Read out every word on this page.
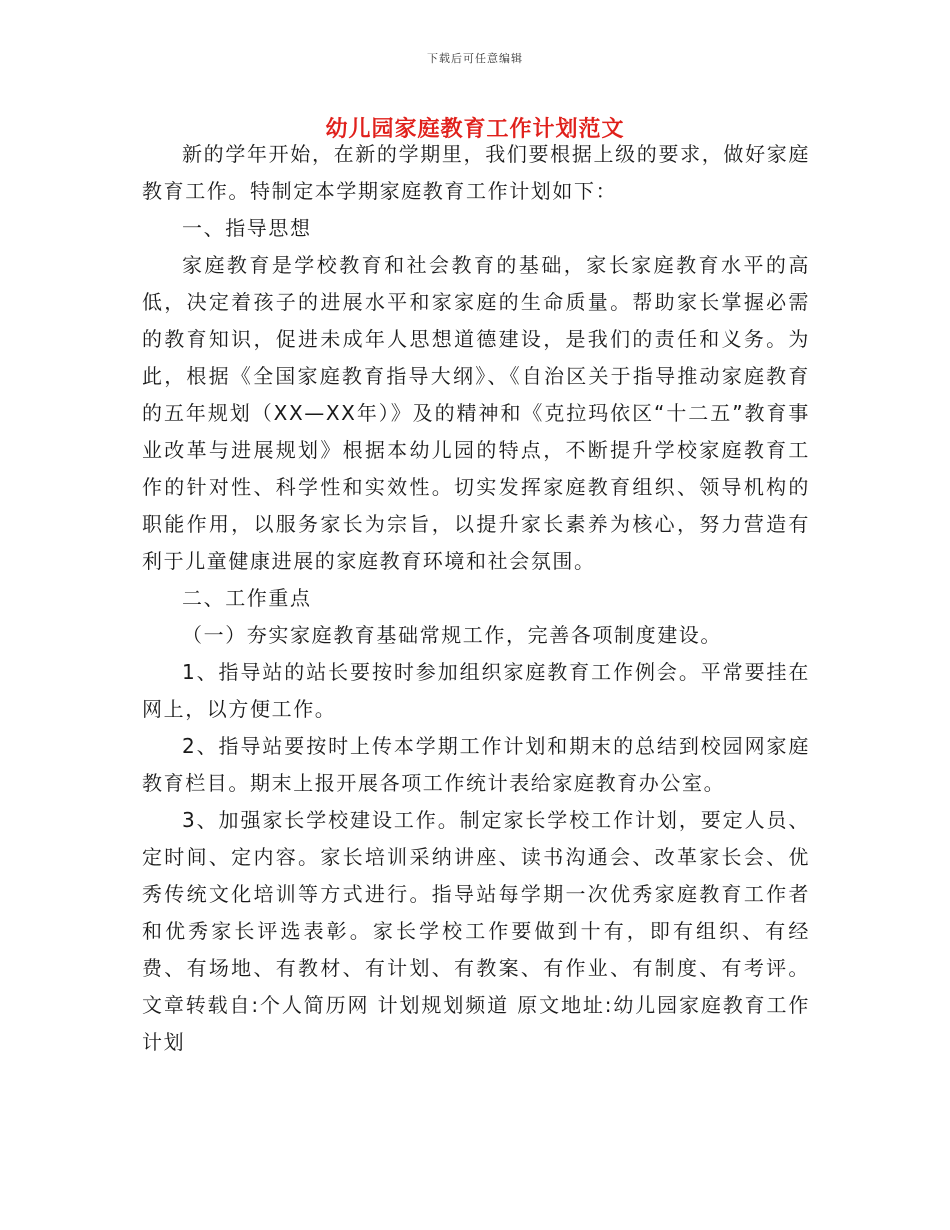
下载后可任意编辑
幼儿园家庭教育工作计划范文

新的学年开始，在新的学期里，我们要根据上级的要求，做好家庭教育工作。特制定本学期家庭教育工作计划如下：

一、指导思想

家庭教育是学校教育和社会教育的基础，家长家庭教育水平的高低，决定着孩子的进展水平和家家庭的生命质量。帮助家长掌握必需的教育知识，促进未成年人思想道德建设，是我们的责任和义务。为此，根据《全国家庭教育指导大纲》、《自治区关于指导推动家庭教育的五年规划（XX—XX年）》及的精神和《克拉玛依区“十二五”教育事业改革与进展规划》根据本幼儿园的特点，不断提升学校家庭教育工作的针对性、科学性和实效性。切实发挥家庭教育组织、领导机构的职能作用，以服务家长为宗旨，以提升家长素养为核心，努力营造有利于儿童健康进展的家庭教育环境和社会氛围。

二、工作重点

（一）夯实家庭教育基础常规工作，完善各项制度建设。

1、指导站的站长要按时参加组织家庭教育工作例会。平常要挂在网上，以方便工作。

2、指导站要按时上传本学期工作计划和期末的总结到校园网家庭教育栏目。期末上报开展各项工作统计表给家庭教育办公室。

3、加强家长学校建设工作。制定家长学校工作计划，要定人员、定时间、定内容。家长培训采纳讲座、读书沟通会、改革家长会、优秀传统文化培训等方式进行。指导站每学期一次优秀家庭教育工作者和优秀家长评选表彰。家长学校工作要做到十有，即有组织、有经费、有场地、有教材、有计划、有教案、有作业、有制度、有考评。文章转载自:个人简历网 计划规划频道 原文地址:幼儿园家庭教育工作计划
